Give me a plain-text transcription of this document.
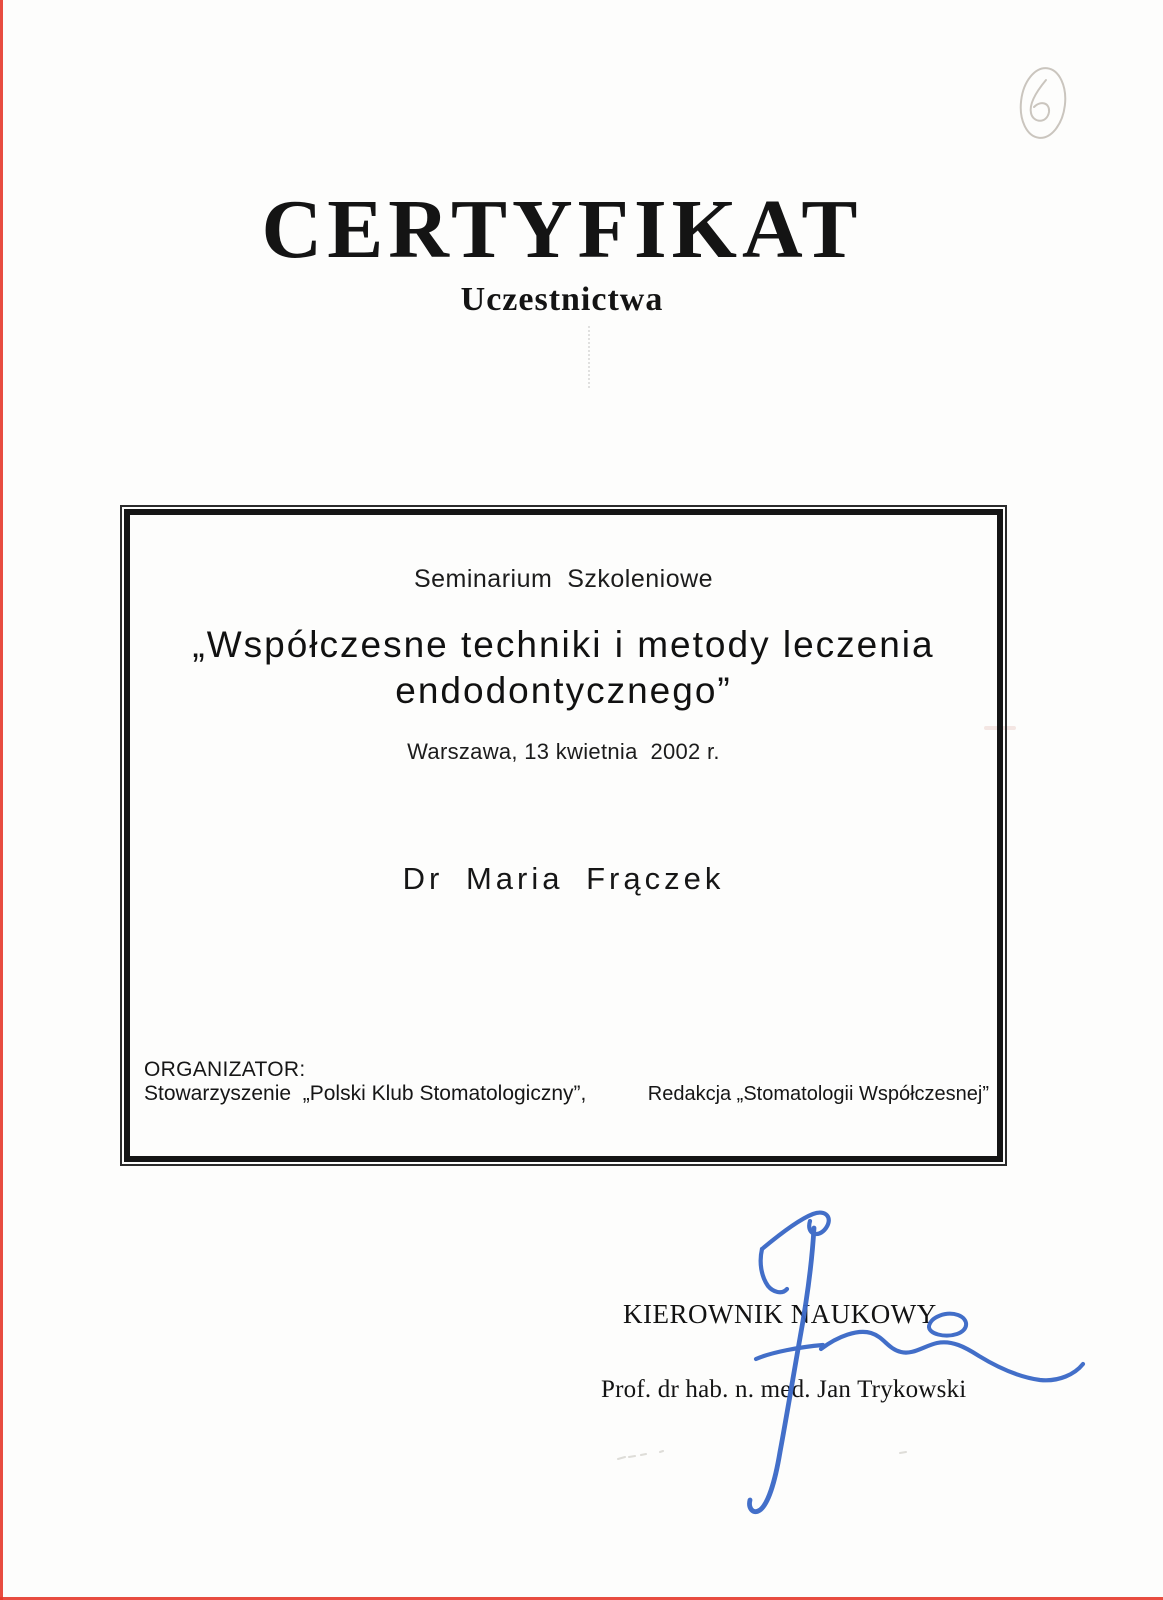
CERTYFIKAT
Uczestnictwa
Seminarium  Szkoleniowe
„Współczesne techniki i metody leczenia
endodontycznego”
Warszawa, 13 kwietnia  2002 r.
Dr Maria Frączek
ORGANIZATOR:
Stowarzyszenie  „Polski Klub Stomatologiczny”,	Redakcja „Stomatologii Współczesnej”
KIEROWNIK NAUKOWY
Prof. dr hab. n. med. Jan Trykowski
